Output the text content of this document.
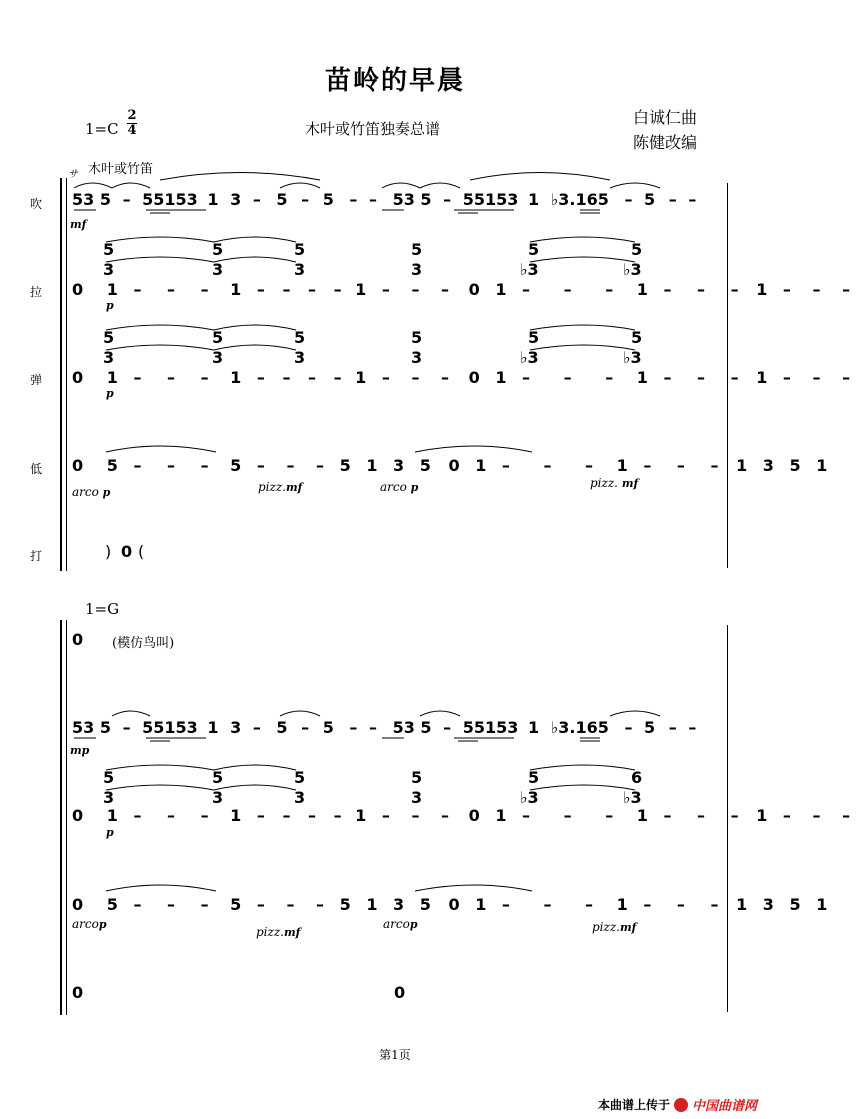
苗岭的早晨
1=C
2
4	木叶或竹笛独奏总谱
白诚仁曲
陈健改编
サ 木叶或竹笛
吹
拉
弹
低
打
53 5 – 55153 1 3 – 5 – 5 – – 53 5 – 55153 1 ♭3.165 – 5 – –
mf
5
3
5
3
5
3
5
3
5
♭3
5
♭3
0 1 – – – 1 – – – – 1 – – – 0 1 – – – 1 – – – 1 – – –
p
5
3
5
3
5
3
5
3
5
♭3
5
♭3
0 1 – – – 1 – – – – 1 – – – 0 1 – – – 1 – – – 1 – – –
p
0 5 – – – 5 – – – 5 1 3 5 0 1 – – – 1 – – – 1 3 5 1
arco p	pizz.mf	arco p	pizz. mf
) 0 (
1=G
0 (模仿鸟叫)
53 5 – 55153 1 3 – 5 – 5 – – 53 5 – 55153 1 ♭3.165 – 5 – –
mp
5
3
5
3
5
3
5
3
5
♭3
6
♭3
0 1 – – – 1 – – – – 1 – – – 0 1 – – – 1 – – – 1 – – –
p
0 5 – – – 5 – – – 5 1 3 5 0 1 – – – 1 – – – 1 3 5 1
arcop
pizz.mf
arcop	pizz.mf
0	0
第1页
本曲谱上传于 中国曲谱网
